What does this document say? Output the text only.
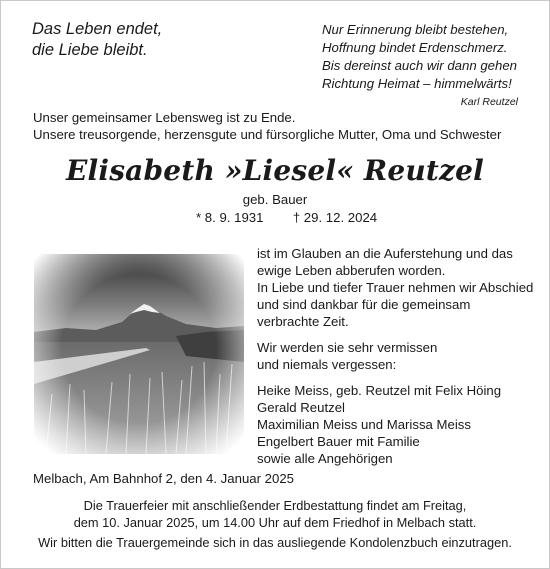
Das Leben endet,
die Liebe bleibt.
Nur Erinnerung bleibt bestehen,
Hoffnung bindet Erdenschmerz.
Bis dereinst auch wir dann gehen
Richtung Heimat – himmelwärts!
Karl Reutzel
Unser gemeinsamer Lebensweg ist zu Ende.
Unsere treusorgende, herzensgute und fürsorgliche Mutter, Oma und Schwester
Elisabeth »Liesel« Reutzel
geb. Bauer
* 8. 9. 1931 † 29. 12. 2024

ist im Glauben an die Auferstehung und das
ewige Leben abberufen worden.
In Liebe und tiefer Trauer nehmen wir Abschied
und sind dankbar für die gemeinsam
verbrachte Zeit.

Wir werden sie sehr vermissen
und niemals vergessen:

Heike Meiss, geb. Reutzel mit Felix Höing
Gerald Reutzel
Maximilian Meiss und Marissa Meiss
Engelbert Bauer mit Familie
sowie alle Angehörigen

Melbach, Am Bahnhof 2, den 4. Januar 2025

Die Trauerfeier mit anschließender Erdbestattung findet am Freitag,

dem 10. Januar 2025, um 14.00 Uhr auf dem Friedhof in Melbach statt.

Wir bitten die Trauergemeinde sich in das ausliegende Kondolenzbuch einzutragen.
